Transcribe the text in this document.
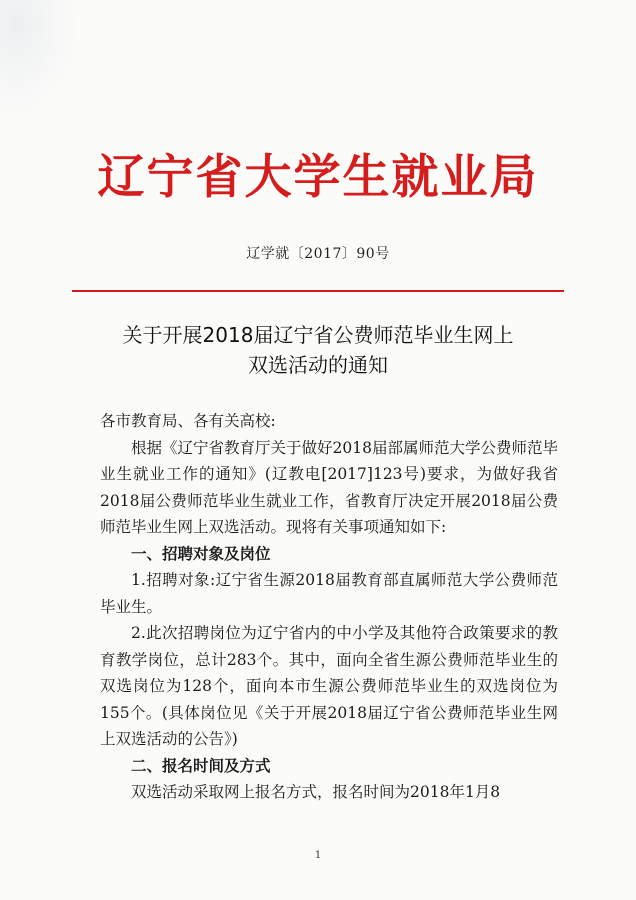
辽宁省大学生就业局
辽学就〔2017〕90号
关于开展2018届辽宁省公费师范毕业生网上
双选活动的通知

各市教育局、各有关高校:

根据《辽宁省教育厅关于做好2018届部属师范大学公费师范毕业生就业工作的通知》(辽教电[2017]123号)要求，为做好我省2018届公费师范毕业生就业工作，省教育厅决定开展2018届公费师范毕业生网上双选活动。现将有关事项通知如下:

一、招聘对象及岗位

1.招聘对象:辽宁省生源2018届教育部直属师范大学公费师范毕业生。

2.此次招聘岗位为辽宁省内的中小学及其他符合政策要求的教育教学岗位，总计283个。其中，面向全省生源公费师范毕业生的双选岗位为128个，面向本市生源公费师范毕业生的双选岗位为155个。(具体岗位见《关于开展2018届辽宁省公费师范毕业生网上双选活动的公告》)

二、报名时间及方式

双选活动采取网上报名方式，报名时间为2018年1月8

1
